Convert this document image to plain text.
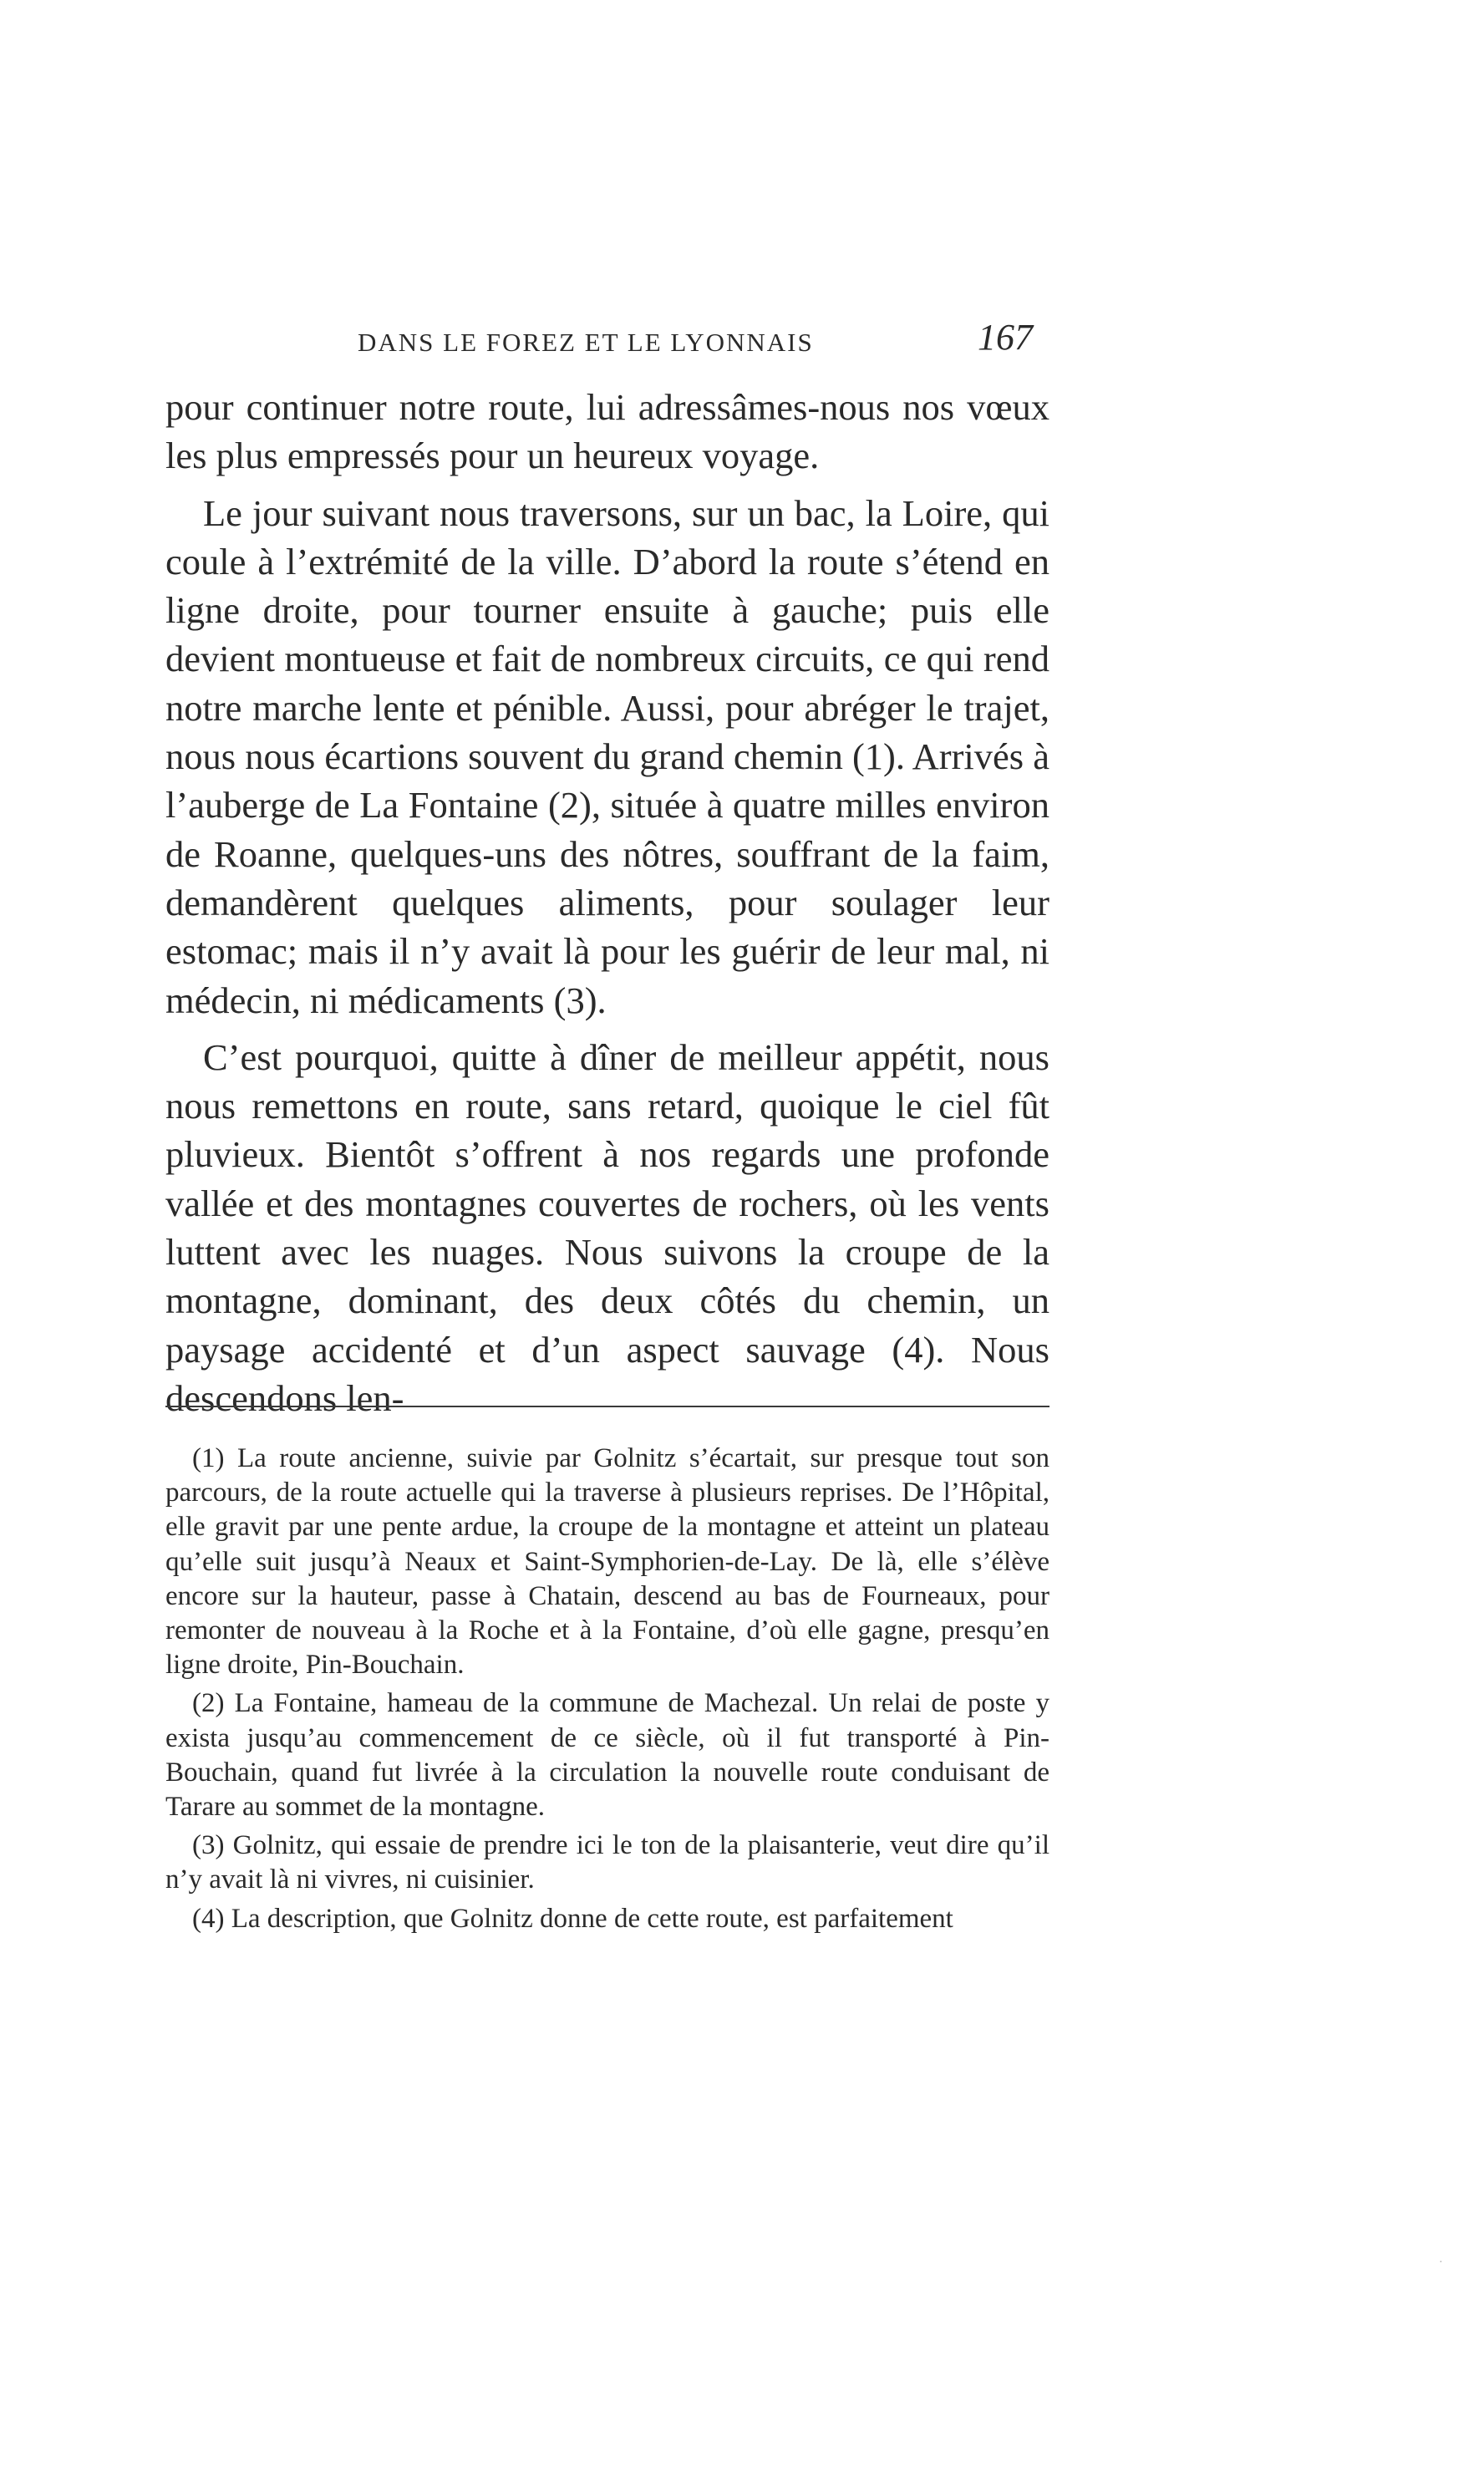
DANS LE FOREZ ET LE LYONNAIS	167

pour continuer notre route, lui adressâmes-nous nos vœux les plus empressés pour un heureux voyage.

Le jour suivant nous traversons, sur un bac, la Loire, qui coule à l’extrémité de la ville. D’abord la route s’étend en ligne droite, pour tourner ensuite à gauche; puis elle devient montueuse et fait de nombreux circuits, ce qui rend notre marche lente et pénible. Aussi, pour abréger le trajet, nous nous écartions souvent du grand chemin (1). Arrivés à l’auberge de La Fontaine (2), située à quatre milles environ de Roanne, quelques-uns des nôtres, souffrant de la faim, demandèrent quelques aliments, pour soulager leur estomac; mais il n’y avait là pour les guérir de leur mal, ni médecin, ni médicaments (3).

C’est pourquoi, quitte à dîner de meilleur appétit, nous nous remettons en route, sans retard, quoique le ciel fût pluvieux. Bientôt s’offrent à nos regards une profonde vallée et des montagnes couvertes de rochers, où les vents luttent avec les nuages. Nous suivons la croupe de la montagne, dominant, des deux côtés du chemin, un paysage accidenté et d’un aspect sauvage (4). Nous descendons len-

(1) La route ancienne, suivie par Golnitz s’écartait, sur presque tout son parcours, de la route actuelle qui la traverse à plusieurs reprises. De l’Hôpital, elle gravit par une pente ardue, la croupe de la montagne et atteint un plateau qu’elle suit jusqu’à Neaux et Saint-Symphorien-de-Lay. De là, elle s’élève encore sur la hauteur, passe à Chatain, descend au bas de Fourneaux, pour remonter de nouveau à la Roche et à la Fontaine, d’où elle gagne, presqu’en ligne droite, Pin-Bouchain.

(2) La Fontaine, hameau de la commune de Machezal. Un relai de poste y exista jusqu’au commencement de ce siècle, où il fut transporté à Pin-Bouchain, quand fut livrée à la circulation la nouvelle route conduisant de Tarare au sommet de la montagne.

(3) Golnitz, qui essaie de prendre ici le ton de la plaisanterie, veut dire qu’il n’y avait là ni vivres, ni cuisinier.

(4) La description, que Golnitz donne de cette route, est parfaitement

·
